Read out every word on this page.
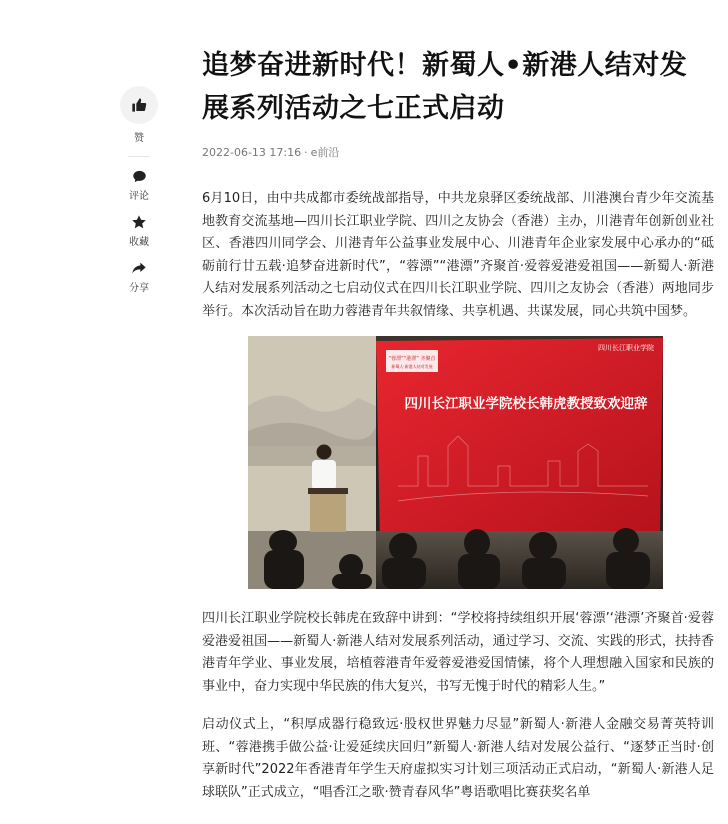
赞
评论
收藏
分享
追梦奋进新时代！新蜀人•新港人结对发展系列活动之七正式启动
2022-06-13 17:16 · e前沿

6月10日，由中共成都市委统战部指导，中共龙泉驿区委统战部、川港澳台青少年交流基地教育交流基地—四川长江职业学院、四川之友协会（香港）主办，川港青年创新创业社区、香港四川同学会、川港青年公益事业发展中心、川港青年企业家发展中心承办的“砥砺前行廿五载·追梦奋进新时代”，“蓉漂”“港漂”齐聚首·爱蓉爱港爱祖国——新蜀人·新港人结对发展系列活动之七启动仪式在四川长江职业学院、四川之友协会（香港）两地同步举行。本次活动旨在助力蓉港青年共叙情缘、共享机遇、共谋发展，同心共筑中国梦。

“蓉漂”“港漂” 齐聚首
新蜀人·新港人结对发展
四川长江职业学院
四川长江职业学院校长韩虎教授致欢迎辞

四川长江职业学院校长韩虎在致辞中讲到：“学校将持续组织开展‘蓉漂’‘港漂’齐聚首·爱蓉爱港爱祖国——新蜀人·新港人结对发展系列活动，通过学习、交流、实践的形式，扶持香港青年学业、事业发展，培植蓉港青年爱蓉爱港爱国情愫，将个人理想融入国家和民族的事业中，奋力实现中华民族的伟大复兴，书写无愧于时代的精彩人生。”

启动仪式上，“积厚成器行稳致远·股权世界魅力尽显”新蜀人·新港人金融交易菁英特训班、“蓉港携手做公益·让爱延续庆回归”新蜀人·新港人结对发展公益行、“逐梦正当时·创享新时代”2022年香港青年学生天府虚拟实习计划三项活动正式启动，“新蜀人·新港人足球联队”正式成立，“唱香江之歌·赞青春风华”粤语歌唱比赛获奖名单
